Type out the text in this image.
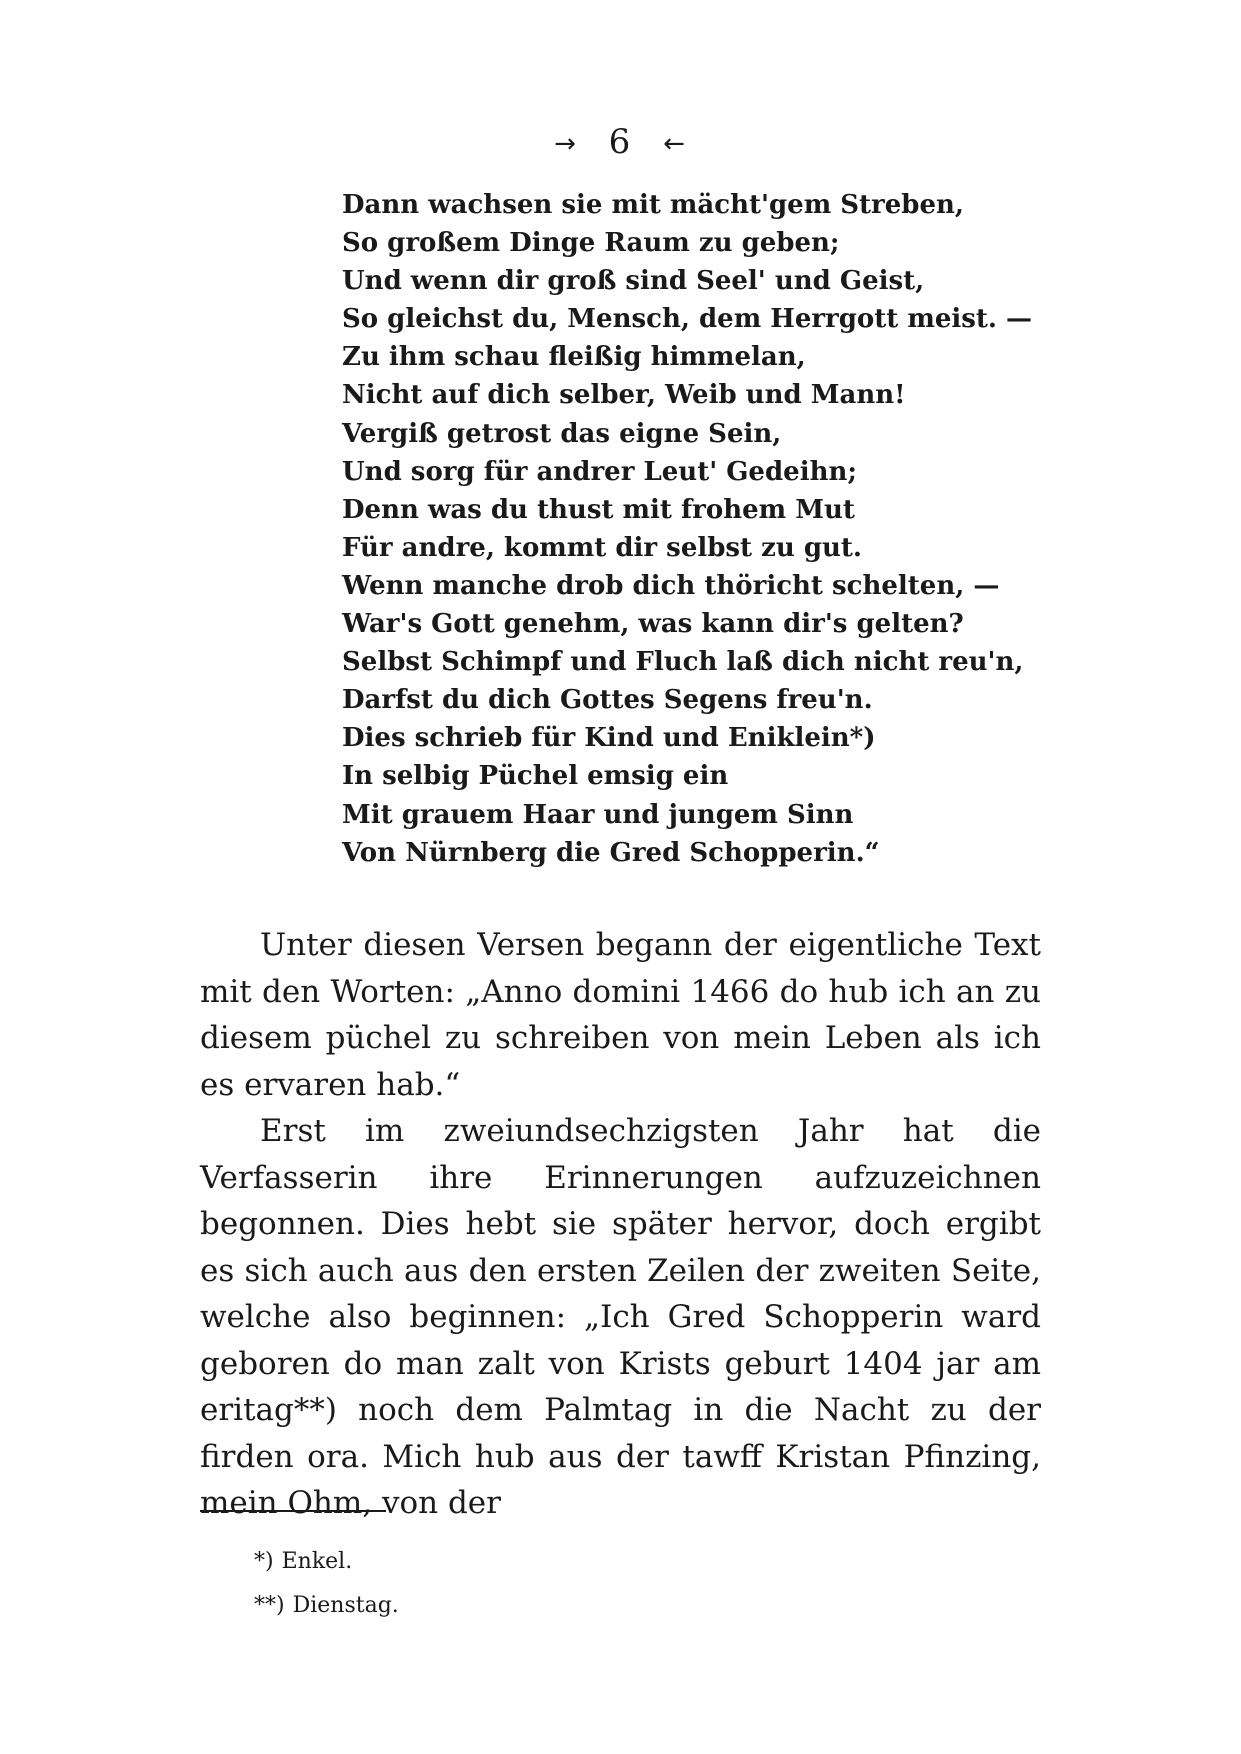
→ 6 ←
Dann wachsen sie mit mächt'gem Streben,
So großem Dinge Raum zu geben;
Und wenn dir groß sind Seel' und Geist,
So gleichst du, Mensch, dem Herrgott meist. —
Zu ihm schau fleißig himmelan,
Nicht auf dich selber, Weib und Mann!
Vergiß getrost das eigne Sein,
Und sorg für andrer Leut' Gedeihn;
Denn was du thust mit frohem Mut
Für andre, kommt dir selbst zu gut.
Wenn manche drob dich thöricht schelten, —
War's Gott genehm, was kann dir's gelten?
Selbst Schimpf und Fluch laß dich nicht reu'n,
Darfst du dich Gottes Segens freu'n.
Dies schrieb für Kind und Eniklein*)
In selbig Püchel emsig ein
Mit grauem Haar und jungem Sinn
Von Nürnberg die Gred Schopperin.“

Unter diesen Versen begann der eigentliche Text mit den Worten: „Anno domini 1466 do hub ich an zu diesem püchel zu schreiben von mein Leben als ich es ervaren hab.“

Erst im zweiundsechzigsten Jahr hat die Verfasserin ihre Erinnerungen aufzuzeichnen begonnen. Dies hebt sie später hervor, doch ergibt es sich auch aus den ersten Zeilen der zweiten Seite, welche also beginnen: „Ich Gred Schopperin ward geboren do man zalt von Krists geburt 1404 jar am eritag**) noch dem Palmtag in die Nacht zu der firden ora. Mich hub aus der tawff Kristan Pfinzing, mein Ohm, von der

*) Enkel.
**) Dienstag.
